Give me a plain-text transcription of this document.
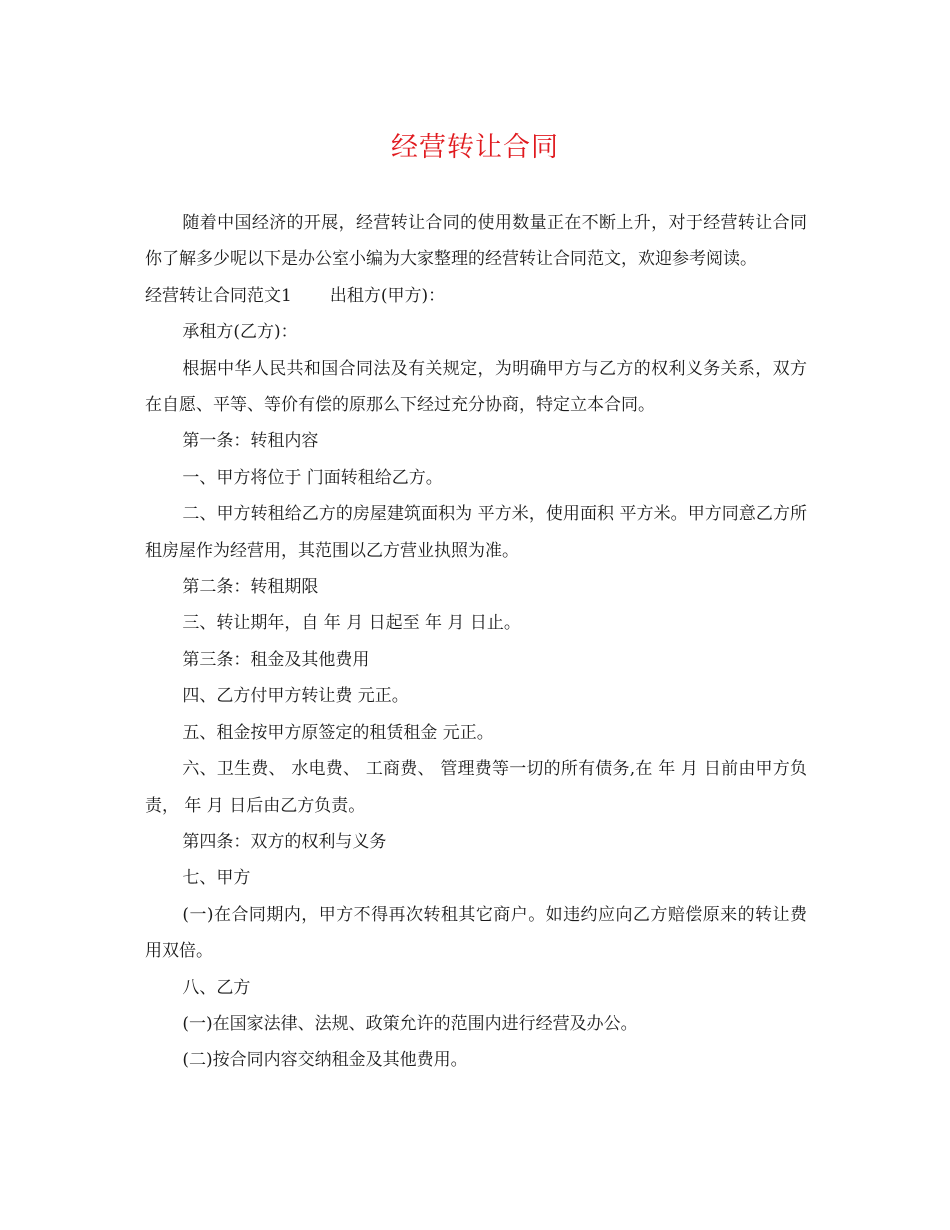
经营转让合同

随着中国经济的开展，经营转让合同的使用数量正在不断上升，对于经营转让合同你了解多少呢以下是办公室小编为大家整理的经营转让合同范文，欢迎参考阅读。

经营转让合同范文1 出租方(甲方)：

承租方(乙方)：

根据中华人民共和国合同法及有关规定，为明确甲方与乙方的权利义务关系，双方在自愿、平等、等价有偿的原那么下经过充分协商，特定立本合同。

第一条：转租内容

一、甲方将位于 门面转租给乙方。

二、甲方转租给乙方的房屋建筑面积为 平方米，使用面积 平方米。甲方同意乙方所租房屋作为经营用，其范围以乙方营业执照为准。

第二条：转租期限

三、转让期年，自 年 月 日起至 年 月 日止。

第三条：租金及其他费用

四、乙方付甲方转让费 元正。

五、租金按甲方原签定的租赁租金 元正。

六、卫生费、 水电费、 工商费、 管理费等一切的所有债务,在 年 月 日前由甲方负责， 年 月 日后由乙方负责。

第四条：双方的权利与义务

七、甲方

(一)在合同期内，甲方不得再次转租其它商户。如违约应向乙方赔偿原来的转让费用双倍。

八、乙方

(一)在国家法律、法规、政策允许的范围内进行经营及办公。

(二)按合同内容交纳租金及其他费用。
